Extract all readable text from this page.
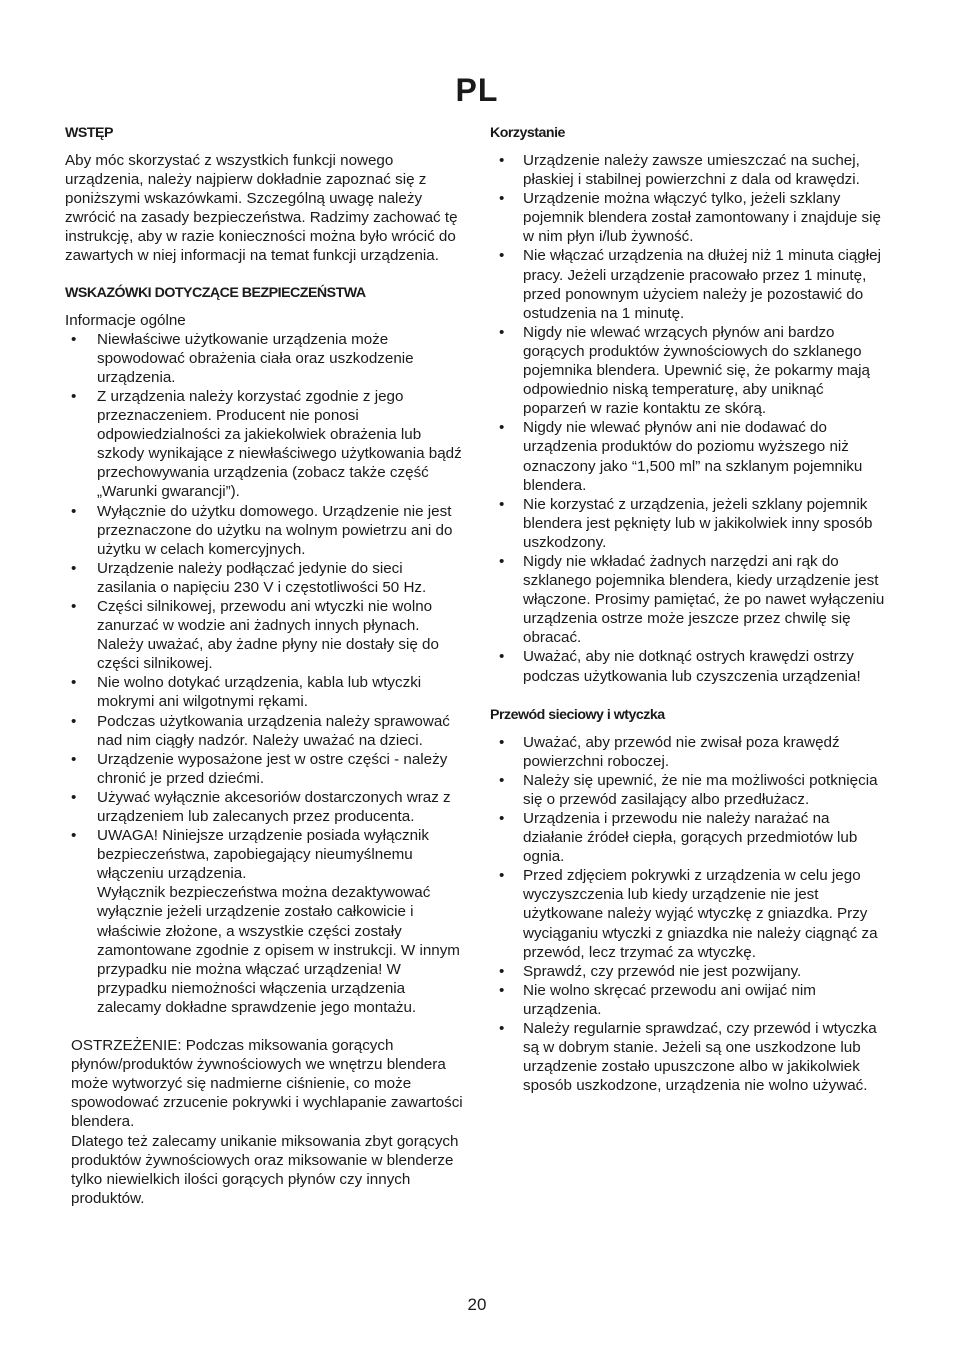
PL
WSTĘP

Aby móc skorzystać z wszystkich funkcji nowego urządzenia, należy najpierw dokładnie zapoznać się z poniższymi wskazówkami. Szczególną uwagę należy zwrócić na zasady bezpieczeństwa. Radzimy zachować tę instrukcję, aby w razie konieczności można było wrócić do zawartych w niej informacji na temat funkcji urządzenia.

WSKAZÓWKI DOTYCZĄCE BEZPIECZEŃSTWA

Informacje ogólne

• Niewłaściwe użytkowanie urządzenia może spowodować obrażenia ciała oraz uszkodzenie urządzenia.
• Z urządzenia należy korzystać zgodnie z jego przeznaczeniem. Producent nie ponosi odpowiedzialności za jakiekolwiek obrażenia lub szkody wynikające z niewłaściwego użytkowania bądź przechowywania urządzenia (zobacz także część „Warunki gwarancji”).
• Wyłącznie do użytku domowego. Urządzenie nie jest przeznaczone do użytku na wolnym powietrzu ani do użytku w celach komercyjnych.
• Urządzenie należy podłączać jedynie do sieci zasilania o napięciu 230 V i częstotliwości 50 Hz.
• Części silnikowej, przewodu ani wtyczki nie wolno zanurzać w wodzie ani żadnych innych płynach. Należy uważać, aby żadne płyny nie dostały się do części silnikowej.
• Nie wolno dotykać urządzenia, kabla lub wtyczki mokrymi ani wilgotnymi rękami.
• Podczas użytkowania urządzenia należy sprawować nad nim ciągły nadzór. Należy uważać na dzieci.
• Urządzenie wyposażone jest w ostre części - należy chronić je przed dziećmi.
• Używać wyłącznie akcesoriów dostarczonych wraz z urządzeniem lub zalecanych przez producenta.
• UWAGA! Niniejsze urządzenie posiada wyłącznik bezpieczeństwa, zapobiegający nieumyślnemu włączeniu urządzenia.
Wyłącznik bezpieczeństwa można dezaktywować wyłącznie jeżeli urządzenie zostało całkowicie i właściwie złożone, a wszystkie części zostały zamontowane zgodnie z opisem w instrukcji. W innym przypadku nie można włączać urządzenia! W przypadku niemożności włączenia urządzenia zalecamy dokładne sprawdzenie jego montażu.

OSTRZEŻENIE: Podczas miksowania gorących płynów/produktów żywnościowych we wnętrzu blendera może wytworzyć się nadmierne ciśnienie, co może spowodować zrzucenie pokrywki i wychlapanie zawartości blendera.

Dlatego też zalecamy unikanie miksowania zbyt gorących produktów żywnościowych oraz miksowanie w blenderze tylko niewielkich ilości gorących płynów czy innych produktów.

Korzystanie
• Urządzenie należy zawsze umieszczać na suchej, płaskiej i stabilnej powierzchni z dala od krawędzi.
• Urządzenie można włączyć tylko, jeżeli szklany pojemnik blendera został zamontowany i znajduje się w nim płyn i/lub żywność.
• Nie włączać urządzenia na dłużej niż 1 minuta ciągłej pracy. Jeżeli urządzenie pracowało przez 1 minutę, przed ponownym użyciem należy je pozostawić do ostudzenia na 1 minutę.
• Nigdy nie wlewać wrzących płynów ani bardzo gorących produktów żywnościowych do szklanego pojemnika blendera. Upewnić się, że pokarmy mają odpowiednio niską temperaturę, aby uniknąć poparzeń w razie kontaktu ze skórą.
• Nigdy nie wlewać płynów ani nie dodawać do urządzenia produktów do poziomu wyższego niż oznaczony jako “1,500 ml” na szklanym pojemniku blendera.
• Nie korzystać z urządzenia, jeżeli szklany pojemnik blendera jest pęknięty lub w jakikolwiek inny sposób uszkodzony.
• Nigdy nie wkładać żadnych narzędzi ani rąk do szklanego pojemnika blendera, kiedy urządzenie jest włączone. Prosimy pamiętać, że po nawet wyłączeniu urządzenia ostrze może jeszcze przez chwilę się obracać.
• Uważać, aby nie dotknąć ostrych krawędzi ostrzy podczas użytkowania lub czyszczenia urządzenia!
Przewód sieciowy i wtyczka
• Uważać, aby przewód nie zwisał poza krawędź powierzchni roboczej.
• Należy się upewnić, że nie ma możliwości potknięcia się o przewód zasilający albo przedłużacz.
• Urządzenia i przewodu nie należy narażać na działanie źródeł ciepła, gorących przedmiotów lub ognia.
• Przed zdjęciem pokrywki z urządzenia w celu jego wyczyszczenia lub kiedy urządzenie nie jest użytkowane należy wyjąć wtyczkę z gniazdka. Przy wyciąganiu wtyczki z gniazdka nie należy ciągnąć za przewód, lecz trzymać za wtyczkę.
• Sprawdź, czy przewód nie jest pozwijany.
• Nie wolno skręcać przewodu ani owijać nim urządzenia.
• Należy regularnie sprawdzać, czy przewód i wtyczka są w dobrym stanie. Jeżeli są one uszkodzone lub urządzenie zostało upuszczone albo w jakikolwiek sposób uszkodzone, urządzenia nie wolno używać.
20
